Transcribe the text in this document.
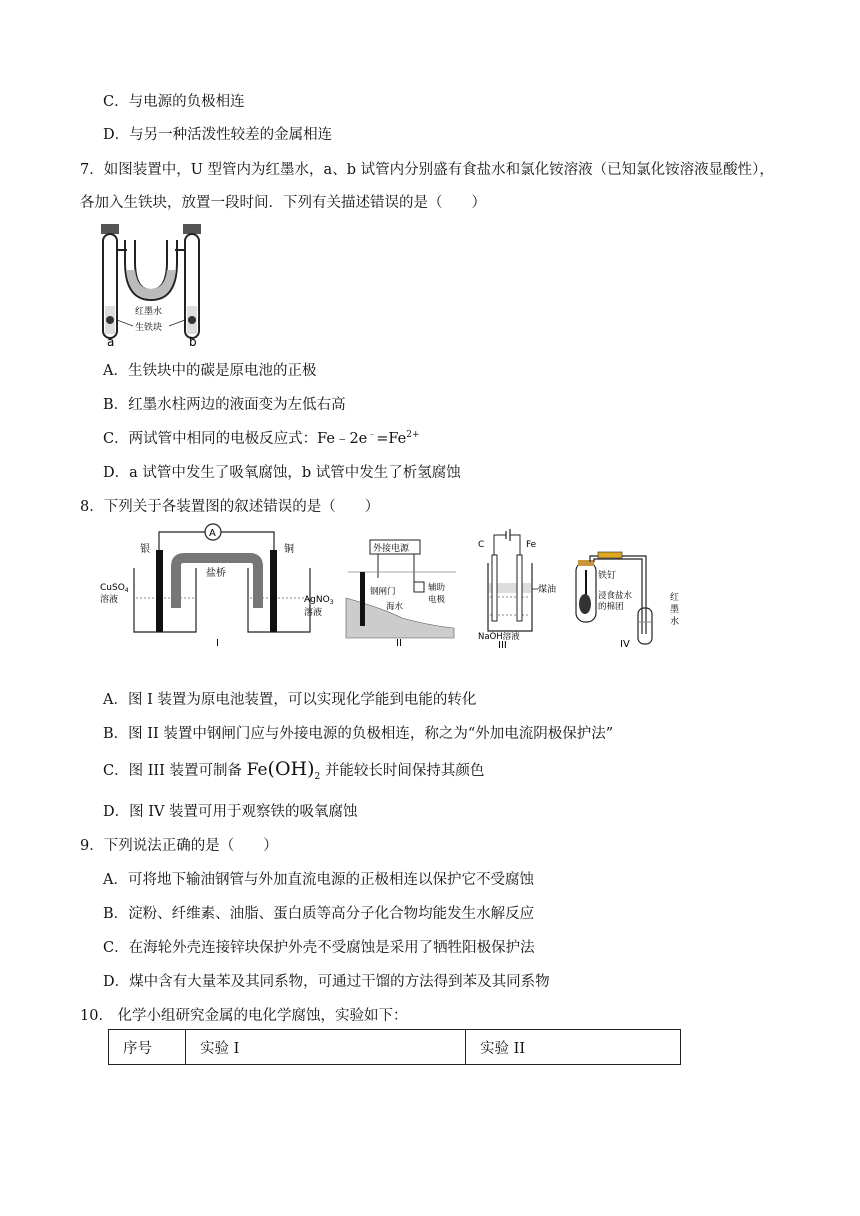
C．与电源的负极相连
D．与另一种活泼性较差的金属相连
7．如图装置中，U 型管内为红墨水，a、b 试管内分别盛有食盐水和氯化铵溶液（已知氯化铵溶液显酸性），
各加入生铁块，放置一段时间．下列有关描述错误的是（　　）
红墨水
生铁块
a	b
A．生铁块中的碳是原电池的正极
B．红墨水柱两边的液面变为左低右高
C．两试管中相同的电极反应式：$Fe﹣2e^﹣=Fe^{2+}$
D．a 试管中发生了吸氧腐蚀，b 试管中发生了析氢腐蚀
8．下列关于各装置图的叙述错误的是（　　）
A
银	铜
盐桥
CuSO$_4$
溶液	AgNO$_3$
溶液
I
外接电源
钢闸门
海水
辅助
电极
II
C	Fe
煤油
NaOH溶液
III
铁钉
浸食盐水
的棉团
红
墨
水
IV
A．图 I 装置为原电池装置，可以实现化学能到电能的转化
B．图 II 装置中钢闸门应与外接电源的负极相连，称之为“外加电流阴极保护法”
C．图 III 装置可制备 $Fe(OH)_2$ 并能较长时间保持其颜色
D．图 IV 装置可用于观察铁的吸氧腐蚀
9．下列说法正确的是（　　）
A．可将地下输油钢管与外加直流电源的正极相连以保护它不受腐蚀
B．淀粉、纤维素、油脂、蛋白质等高分子化合物均能发生水解反应
C．在海轮外壳连接锌块保护外壳不受腐蚀是采用了牺牲阳极保护法
D．煤中含有大量苯及其同系物，可通过干馏的方法得到苯及其同系物
10． 化学小组研究金属的电化学腐蚀，实验如下：
序号	实验 I	实验 II
